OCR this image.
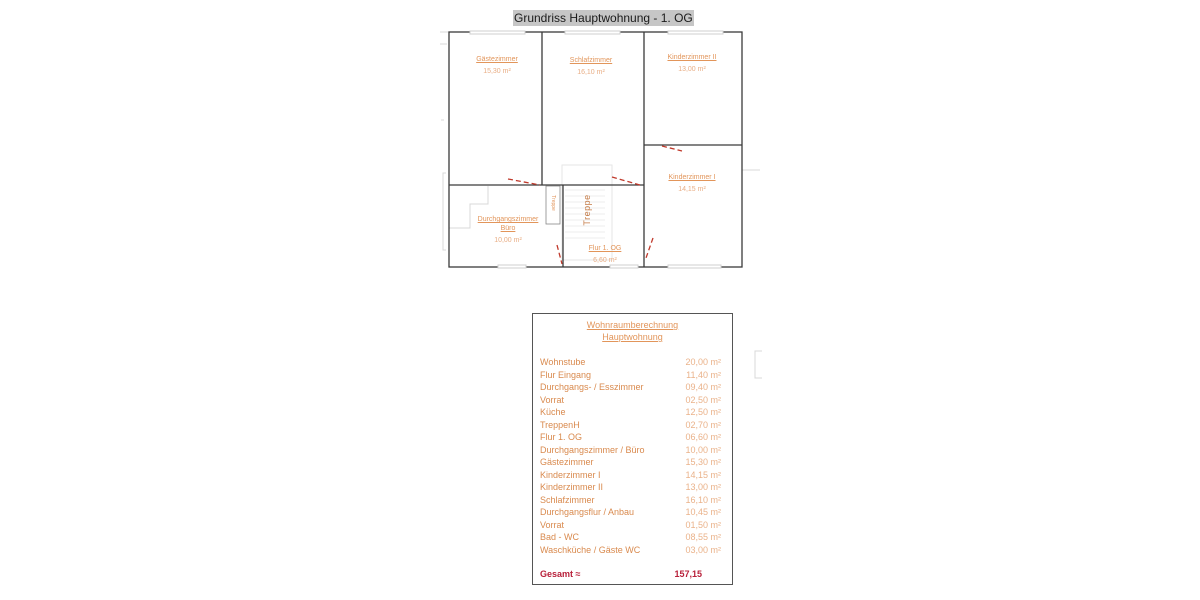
Grundriss Hauptwohnung - 1. OG
Gästezimmer
15,30 m²
Schlafzimmer
16,10 m²
Kinderzimmer II
13,00 m²
Kinderzimmer I
14,15 m²
Durchgangszimmer
Büro
10,00 m²
Flur 1. OG
6,60 m²
Treppe	Treppe
Wohnraumberechnung
Hauptwohnung
Wohnstube	20,00 m²
Flur Eingang	11,40 m²
Durchgangs- / Esszimmer	09,40 m²
Vorrat	02,50 m²
Küche	12,50 m²
TreppenH	02,70 m²
Flur 1. OG	06,60 m²
Durchgangszimmer / Büro	10,00 m²
Gästezimmer	15,30 m²
Kinderzimmer I	14,15 m²
Kinderzimmer II	13,00 m²
Schlafzimmer	16,10 m²
Durchgangsflur / Anbau	10,45 m²
Vorrat	01,50 m²
Bad - WC	08,55 m²
Waschküche / Gäste WC	03,00 m²
Gesamt ≈	157,15
